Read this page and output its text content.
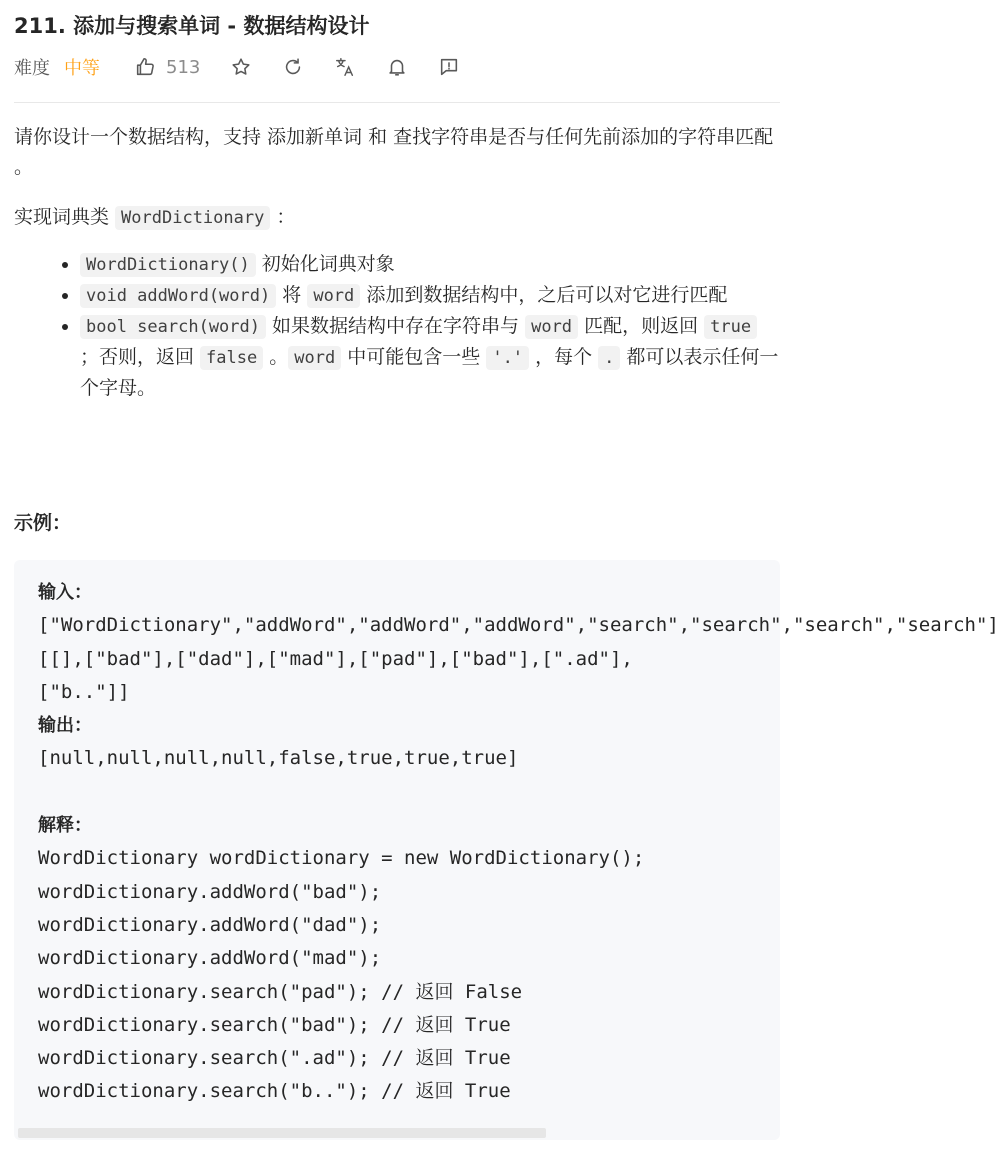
211. 添加与搜索单词 - 数据结构设计
难度 中等	513

请你设计一个数据结构，支持 添加新单词 和 查找字符串是否与任何先前添加的字符串匹配 。

实现词典类 WordDictionary ：

• WordDictionary() 初始化词典对象
• void addWord(word) 将 word 添加到数据结构中，之后可以对它进行匹配
• bool search(word) 如果数据结构中存在字符串与 word 匹配，则返回 true ；否则，返回 false 。 word 中可能包含一些 '.' ，每个 . 都可以表示任何一个字母。
示例：
输入：
["WordDictionary","addWord","addWord","addWord","search","search","search","search"]
[[],["bad"],["dad"],["mad"],["pad"],["bad"],[".ad"],
["b.."]]
输出：
[null,null,null,null,false,true,true,true]

解释：
WordDictionary wordDictionary = new WordDictionary();
wordDictionary.addWord("bad");
wordDictionary.addWord("dad");
wordDictionary.addWord("mad");
wordDictionary.search("pad"); // 返回 False
wordDictionary.search("bad"); // 返回 True
wordDictionary.search(".ad"); // 返回 True
wordDictionary.search("b.."); // 返回 True
